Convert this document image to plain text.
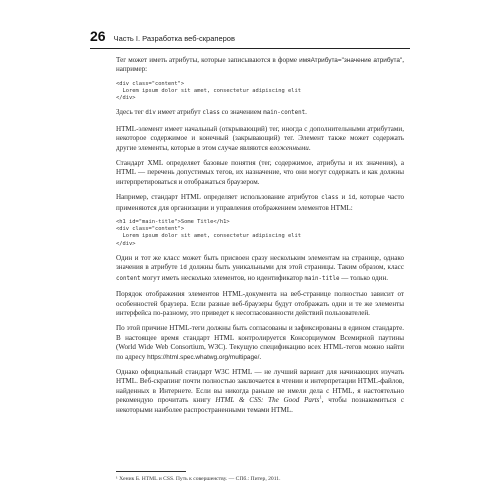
26 Часть I. Разработка веб-скраперов

Тег может иметь атрибуты, которые записываются в форме имяАтрибута="значение атрибута", например:

<div class="content">
Lorem ipsum dolor sit amet, consectetur adipiscing elit
</div>

Здесь тег div имеет атрибут class со значением main-content.

HTML-элемент имеет начальный (открывающий) тег, иногда с дополнительными атрибутами, некоторое содержимое и конечный (закрывающий) тег. Элемент также может содержать другие элементы, которые в этом случае являются вложенными.

Стандарт XML определяет базовые понятия (тег, содержимое, атрибуты и их значения), а HTML — перечень допустимых тегов, их назначение, что они могут содержать и как должны интерпретироваться и отображаться браузером.

Например, стандарт HTML определяет использование атрибутов class и id, которые часто применяются для организации и управления отображением элементов HTML:

<h1 id="main-title">Some Title</h1>
<div class="content">
Lorem ipsum dolor sit amet, consectetur adipiscing elit
</div>

Один и тот же класс может быть присвоен сразу нескольким элементам на странице, однако значения в атрибуте id должны быть уникальными для этой страницы. Таким образом, класс content могут иметь несколько элементов, но идентификатор main-title — только один.

Порядок отображения элементов HTML-документа на веб-странице полностью зависит от особенностей браузера. Если разные веб-браузеры будут отображать одни и те же элементы интерфейса по-разному, это приведет к несогласованности действий пользователей.

По этой причине HTML-теги должны быть согласованы и зафиксированы в едином стандарте. В настоящее время стандарт HTML контролируется Консорциумом Всемирной паутины (World Wide Web Consortium, W3C). Текущую спецификацию всех HTML-тегов можно найти по адресу https://html.spec.whatwg.org/multipage/.

Однако официальный стандарт W3C HTML — не лучший вариант для начинающих изучать HTML. Веб-скрапинг почти полностью заключается в чтении и интерпретации HTML-файлов, найденных в Интернете. Если вы никогда раньше не имели дела с HTML, я настоятельно рекомендую прочитать книгу HTML & CSS: The Good Parts$^1$, чтобы познакомиться с некоторыми наиболее распространенными темами HTML.

¹ Хеник Б. HTML и CSS. Путь к совершенству. — СПб.: Питер, 2011.
